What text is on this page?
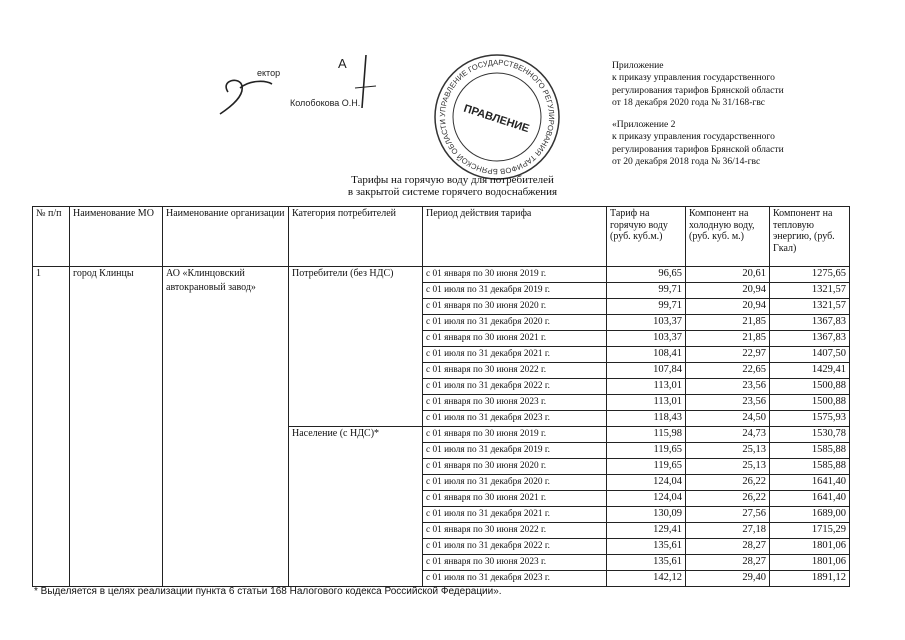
ектор
А
Колобокова О.Н.
УПРАВЛЕНИЕ ГОСУДАРСТВЕННОГО РЕГУЛИРОВАНИЯ ТАРИФОВ БРЯНСКОЙ ОБЛАСТИ	ПРАВЛЕНИЕ
Приложение
к приказу управления государственного
регулирования тарифов Брянской области
от 18 декабря 2020 года № 31/168-гвс
«Приложение 2
к приказу управления государственного
регулирования тарифов Брянской области
от 20 декабря 2018 года № 36/14-гвс
Тарифы на горячую воду для потребителей
в закрытой системе горячего водоснабжения
№ п/п	Наименование МО	Наименование организации	Категория потребителей	Период действия тарифа	Тариф на горячую воду (руб. куб.м.)	Компонент на холодную воду, (руб. куб. м.)	Компонент на тепловую энергию, (руб. Гкал)
1	город Клинцы	АО «Клинцовский автокрановый завод»	Потребители (без НДС)	с 01 января по 30 июня 2019 г.	96,65	20,61	1275,65
				с 01 июля по 31 декабря 2019 г.	99,71	20,94	1321,57
				с 01 января по 30 июня 2020 г.	99,71	20,94	1321,57
				с 01 июля по 31 декабря 2020 г.	103,37	21,85	1367,83
				с 01 января по 30 июня 2021 г.	103,37	21,85	1367,83
				с 01 июля по 31 декабря 2021 г.	108,41	22,97	1407,50
				с 01 января по 30 июня 2022 г.	107,84	22,65	1429,41
				с 01 июля по 31 декабря 2022 г.	113,01	23,56	1500,88
				с 01 января по 30 июня 2023 г.	113,01	23,56	1500,88
				с 01 июля по 31 декабря 2023 г.	118,43	24,50	1575,93
			Население (с НДС)*	с 01 января по 30 июня 2019 г.	115,98	24,73	1530,78
				с 01 июля по 31 декабря 2019 г.	119,65	25,13	1585,88
				с 01 января по 30 июня 2020 г.	119,65	25,13	1585,88
				с 01 июля по 31 декабря 2020 г.	124,04	26,22	1641,40
				с 01 января по 30 июня 2021 г.	124,04	26,22	1641,40
				с 01 июля по 31 декабря 2021 г.	130,09	27,56	1689,00
				с 01 января по 30 июня 2022 г.	129,41	27,18	1715,29
				с 01 июля по 31 декабря 2022 г.	135,61	28,27	1801,06
				с 01 января по 30 июня 2023 г.	135,61	28,27	1801,06
				с 01 июля по 31 декабря 2023 г.	142,12	29,40	1891,12
* Выделяется в целях реализации пункта 6 статьи 168 Налогового кодекса Российской Федерации».
